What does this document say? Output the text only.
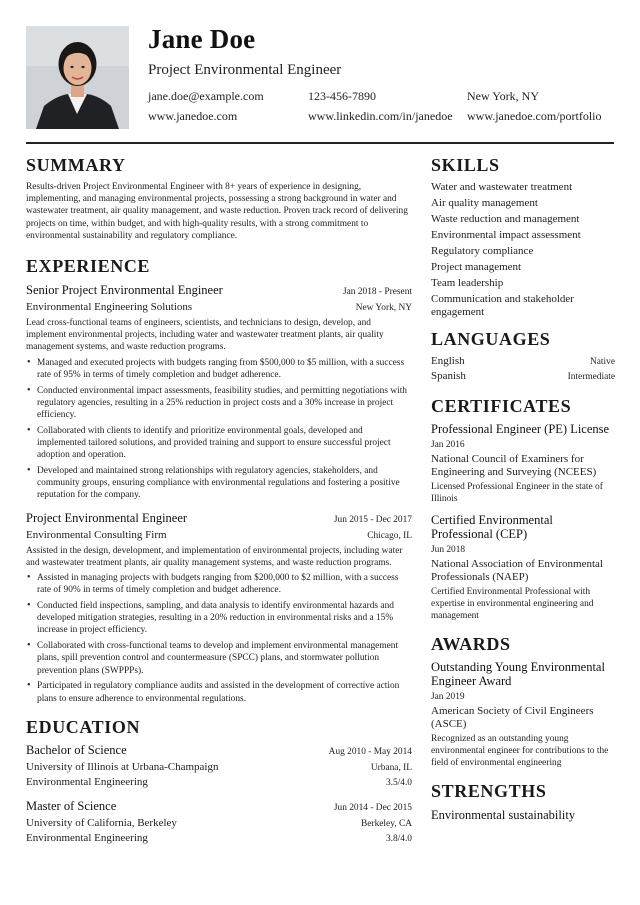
Jane Doe
Project Environmental Engineer
jane.doe@example.com	123-456-7890	New York, NY
www.janedoe.com	www.linkedin.com/in/janedoe www.janedoe.com/portfolio
SUMMARY
Results-driven Project Environmental Engineer with 8+ years of experience in designing, implementing, and managing environmental projects, possessing a strong background in water and wastewater treatment, air quality management, and waste reduction. Proven track record of delivering projects on time, within budget, and with high-quality results, with a strong commitment to environmental sustainability and regulatory compliance.
EXPERIENCE
Senior Project Environmental Engineer	Jan 2018 - Present
Environmental Engineering Solutions	New York, NY
Lead cross-functional teams of engineers, scientists, and technicians to design, develop, and implement environmental projects, including water and wastewater treatment plants, air quality management systems, and waste reduction programs.
• Managed and executed projects with budgets ranging from $500,000 to $5 million, with a success rate of 95% in terms of timely completion and budget adherence.
• Conducted environmental impact assessments, feasibility studies, and permitting negotiations with regulatory agencies, resulting in a 25% reduction in project costs and a 30% increase in project efficiency.
• Collaborated with clients to identify and prioritize environmental goals, developed and implemented tailored solutions, and provided training and support to ensure successful project adoption and operation.
• Developed and maintained strong relationships with regulatory agencies, stakeholders, and community groups, ensuring compliance with environmental regulations and fostering a positive reputation for the company.
Project Environmental Engineer	Jun 2015 - Dec 2017
Environmental Consulting Firm	Chicago, IL
Assisted in the design, development, and implementation of environmental projects, including water and wastewater treatment plants, air quality management systems, and waste reduction programs.
• Assisted in managing projects with budgets ranging from $200,000 to $2 million, with a success rate of 90% in terms of timely completion and budget adherence.
• Conducted field inspections, sampling, and data analysis to identify environmental hazards and developed mitigation strategies, resulting in a 20% reduction in environmental risks and a 15% increase in project efficiency.
• Collaborated with cross-functional teams to develop and implement environmental management plans, spill prevention control and countermeasure (SPCC) plans, and stormwater pollution prevention plans (SWPPPs).
• Participated in regulatory compliance audits and assisted in the development of corrective action plans to ensure adherence to environmental regulations.
EDUCATION
Bachelor of Science	Aug 2010 - May 2014
University of Illinois at Urbana-Champaign	Urbana, IL
Environmental Engineering	3.5/4.0
Master of Science	Jun 2014 - Dec 2015
University of California, Berkeley	Berkeley, CA
Environmental Engineering	3.8/4.0
SKILLS
Water and wastewater treatment
Air quality management
Waste reduction and management
Environmental impact assessment
Regulatory compliance
Project management
Team leadership
Communication and stakeholder engagement
LANGUAGES
English	Native
Spanish	Intermediate
CERTIFICATES
Professional Engineer (PE) License
Jan 2016
National Council of Examiners for Engineering and Surveying (NCEES)
Licensed Professional Engineer in the state of Illinois
Certified Environmental Professional (CEP)
Jun 2018
National Association of Environmental Professionals (NAEP)
Certified Environmental Professional with expertise in environmental engineering and management
AWARDS
Outstanding Young Environmental Engineer Award
Jan 2019
American Society of Civil Engineers (ASCE)
Recognized as an outstanding young environmental engineer for contributions to the field of environmental engineering
STRENGTHS
Environmental sustainability
